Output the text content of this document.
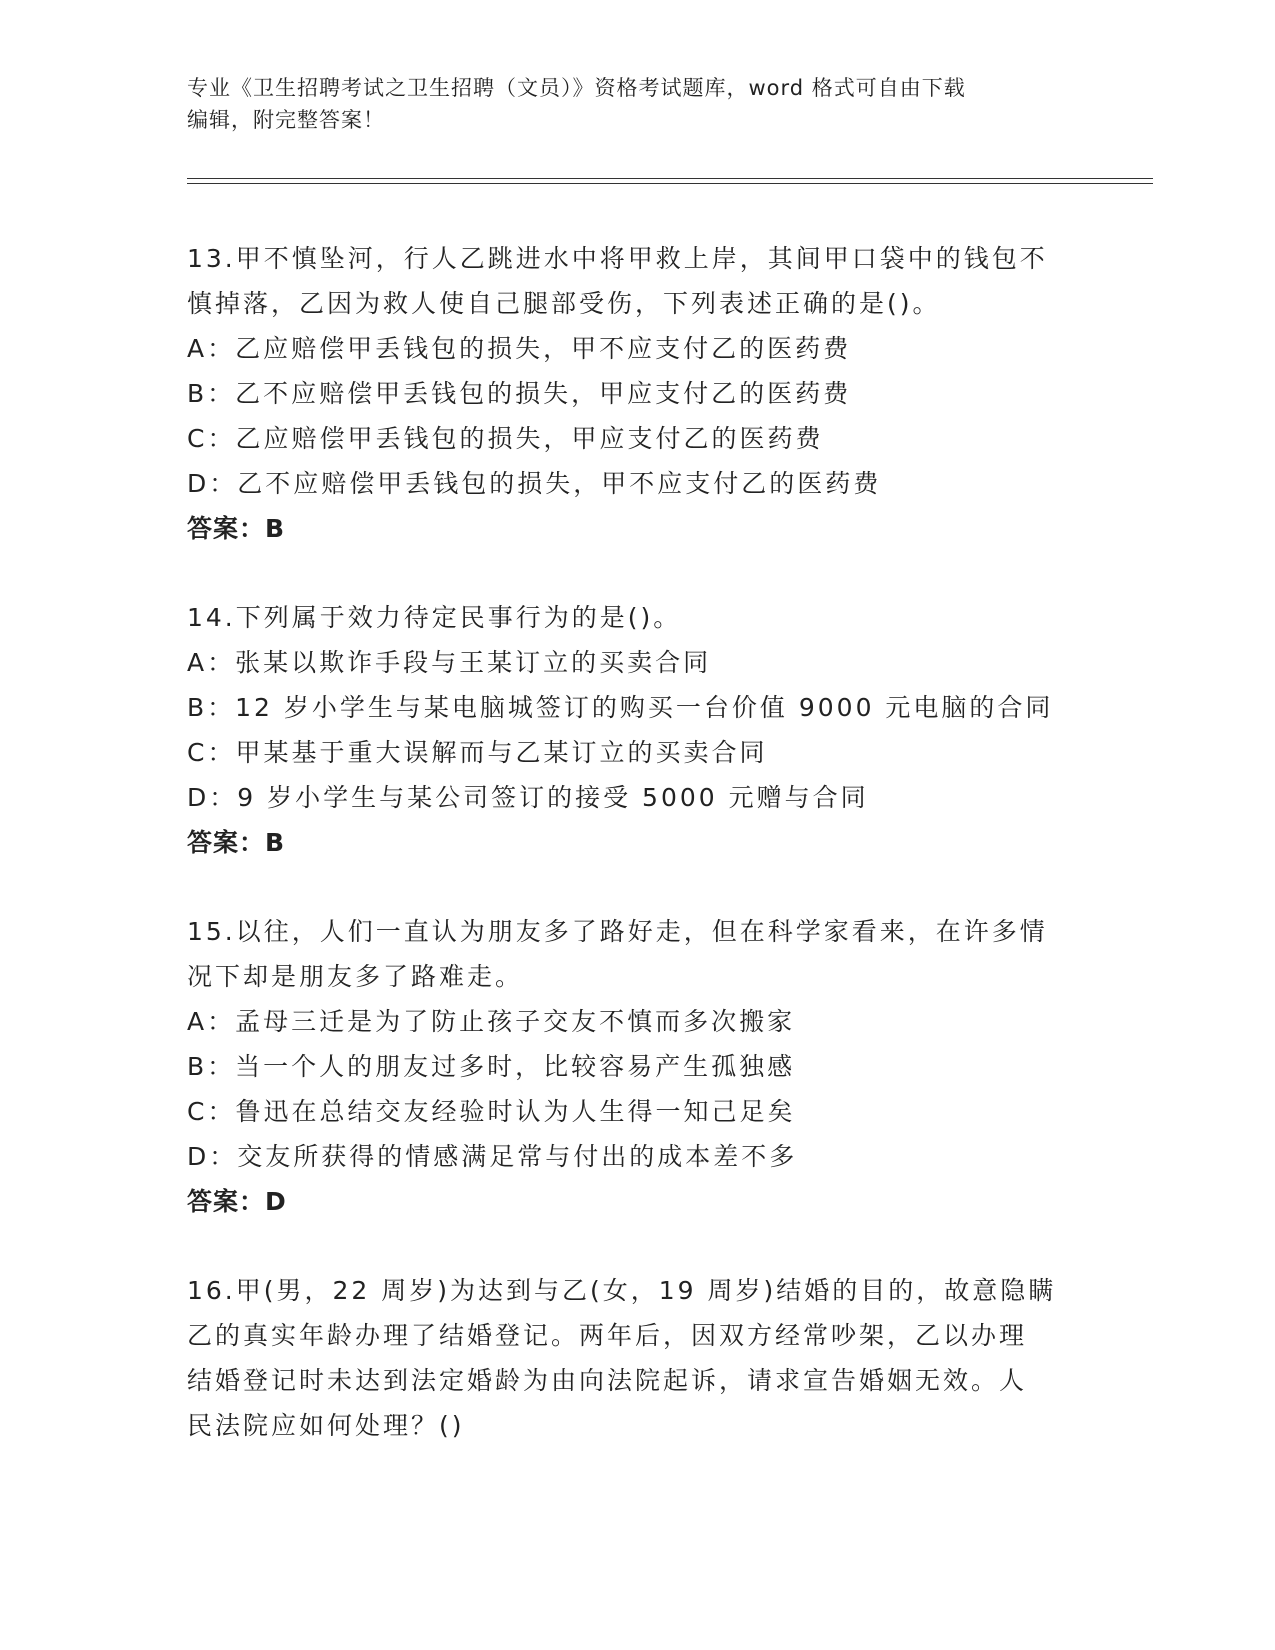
专业《卫生招聘考试之卫生招聘（文员）》资格考试题库，word 格式可自由下载
编辑，附完整答案！
13.甲不慎坠河，行人乙跳进水中将甲救上岸，其间甲口袋中的钱包不
慎掉落，乙因为救人使自己腿部受伤，下列表述正确的是()。
A：乙应赔偿甲丢钱包的损失，甲不应支付乙的医药费
B：乙不应赔偿甲丢钱包的损失，甲应支付乙的医药费
C：乙应赔偿甲丢钱包的损失，甲应支付乙的医药费
D：乙不应赔偿甲丢钱包的损失，甲不应支付乙的医药费
答案：B
14.下列属于效力待定民事行为的是()。
A：张某以欺诈手段与王某订立的买卖合同
B：12 岁小学生与某电脑城签订的购买一台价值 9000 元电脑的合同
C：甲某基于重大误解而与乙某订立的买卖合同
D：9 岁小学生与某公司签订的接受 5000 元赠与合同
答案：B
15.以往，人们一直认为朋友多了路好走，但在科学家看来，在许多情
况下却是朋友多了路难走。
A：孟母三迁是为了防止孩子交友不慎而多次搬家
B：当一个人的朋友过多时，比较容易产生孤独感
C：鲁迅在总结交友经验时认为人生得一知己足矣
D：交友所获得的情感满足常与付出的成本差不多
答案：D
16.甲(男，22 周岁)为达到与乙(女，19 周岁)结婚的目的，故意隐瞒
乙的真实年龄办理了结婚登记。两年后，因双方经常吵架，乙以办理
结婚登记时未达到法定婚龄为由向法院起诉，请求宣告婚姻无效。人
民法院应如何处理？()
